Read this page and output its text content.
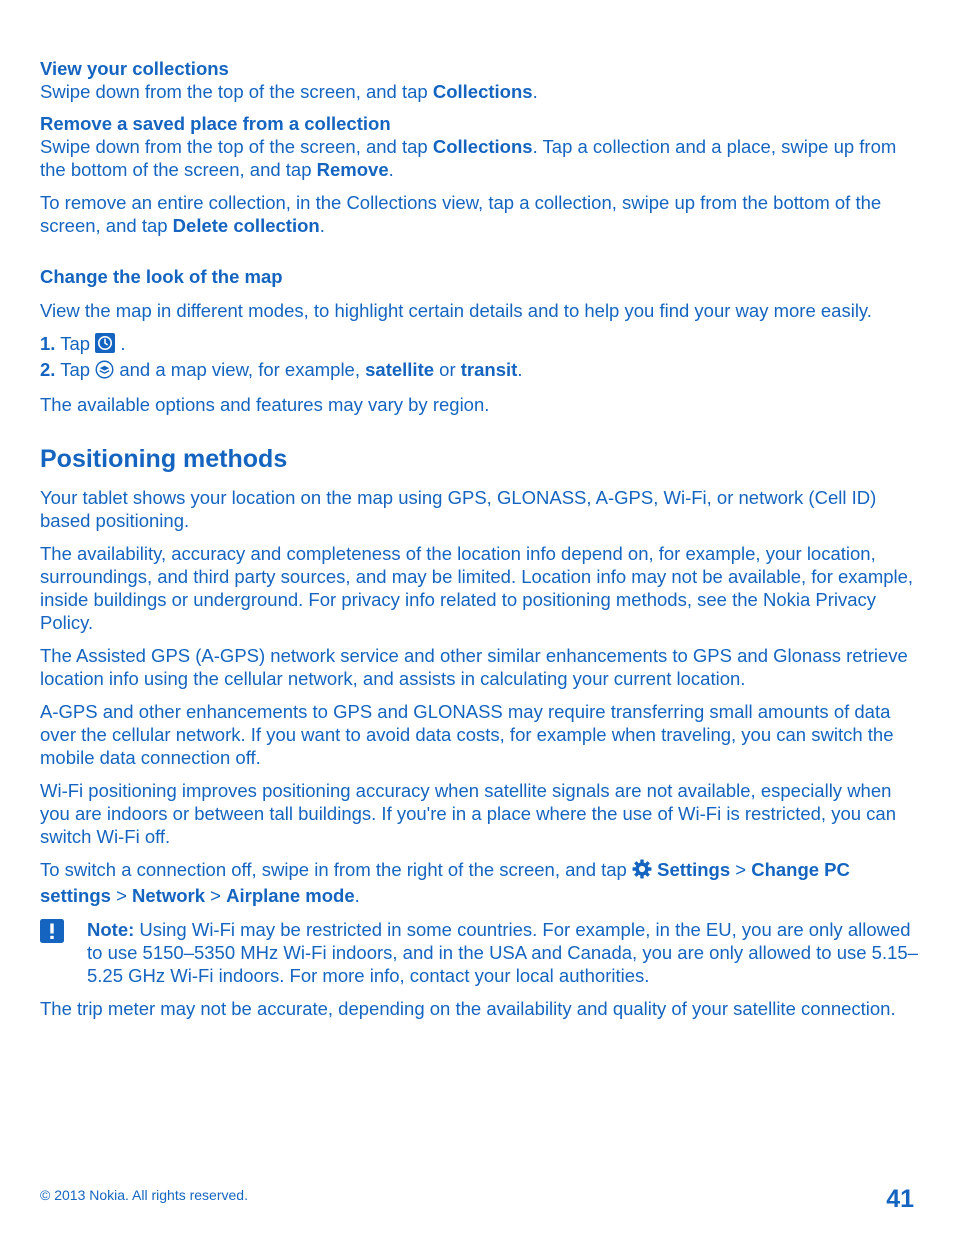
View your collections

Swipe down from the top of the screen, and tap Collections.

Remove a saved place from a collection

Swipe down from the top of the screen, and tap Collections. Tap a collection and a place, swipe up from the bottom of the screen, and tap Remove.

To remove an entire collection, in the Collections view, tap a collection, swipe up from the bottom of the screen, and tap Delete collection.

Change the look of the map

View the map in different modes, to highlight certain details and to help you find your way more easily.

1. Tap  .

2. Tap  and a map view, for example, satellite or transit.

The available options and features may vary by region.

Positioning methods

Your tablet shows your location on the map using GPS, GLONASS, A-GPS, Wi-Fi, or network (Cell ID) based positioning.

The availability, accuracy and completeness of the location info depend on, for example, your location, surroundings, and third party sources, and may be limited. Location info may not be available, for example, inside buildings or underground. For privacy info related to positioning methods, see the Nokia Privacy Policy.

The Assisted GPS (A-GPS) network service and other similar enhancements to GPS and Glonass retrieve location info using the cellular network, and assists in calculating your current location.

A-GPS and other enhancements to GPS and GLONASS may require transferring small amounts of data over the cellular network. If you want to avoid data costs, for example when traveling, you can switch the mobile data connection off.

Wi-Fi positioning improves positioning accuracy when satellite signals are not available, especially when you are indoors or between tall buildings. If you're in a place where the use of Wi-Fi is restricted, you can switch Wi-Fi off.

To switch a connection off, swipe in from the right of the screen, and tap  Settings > Change PC settings > Network > Airplane mode.

Note: Using Wi-Fi may be restricted in some countries. For example, in the EU, you are only allowed to use 5150–5350 MHz Wi-Fi indoors, and in the USA and Canada, you are only allowed to use 5.15–5.25 GHz Wi-Fi indoors. For more info, contact your local authorities.

The trip meter may not be accurate, depending on the availability and quality of your satellite connection.

© 2013 Nokia. All rights reserved.	41
